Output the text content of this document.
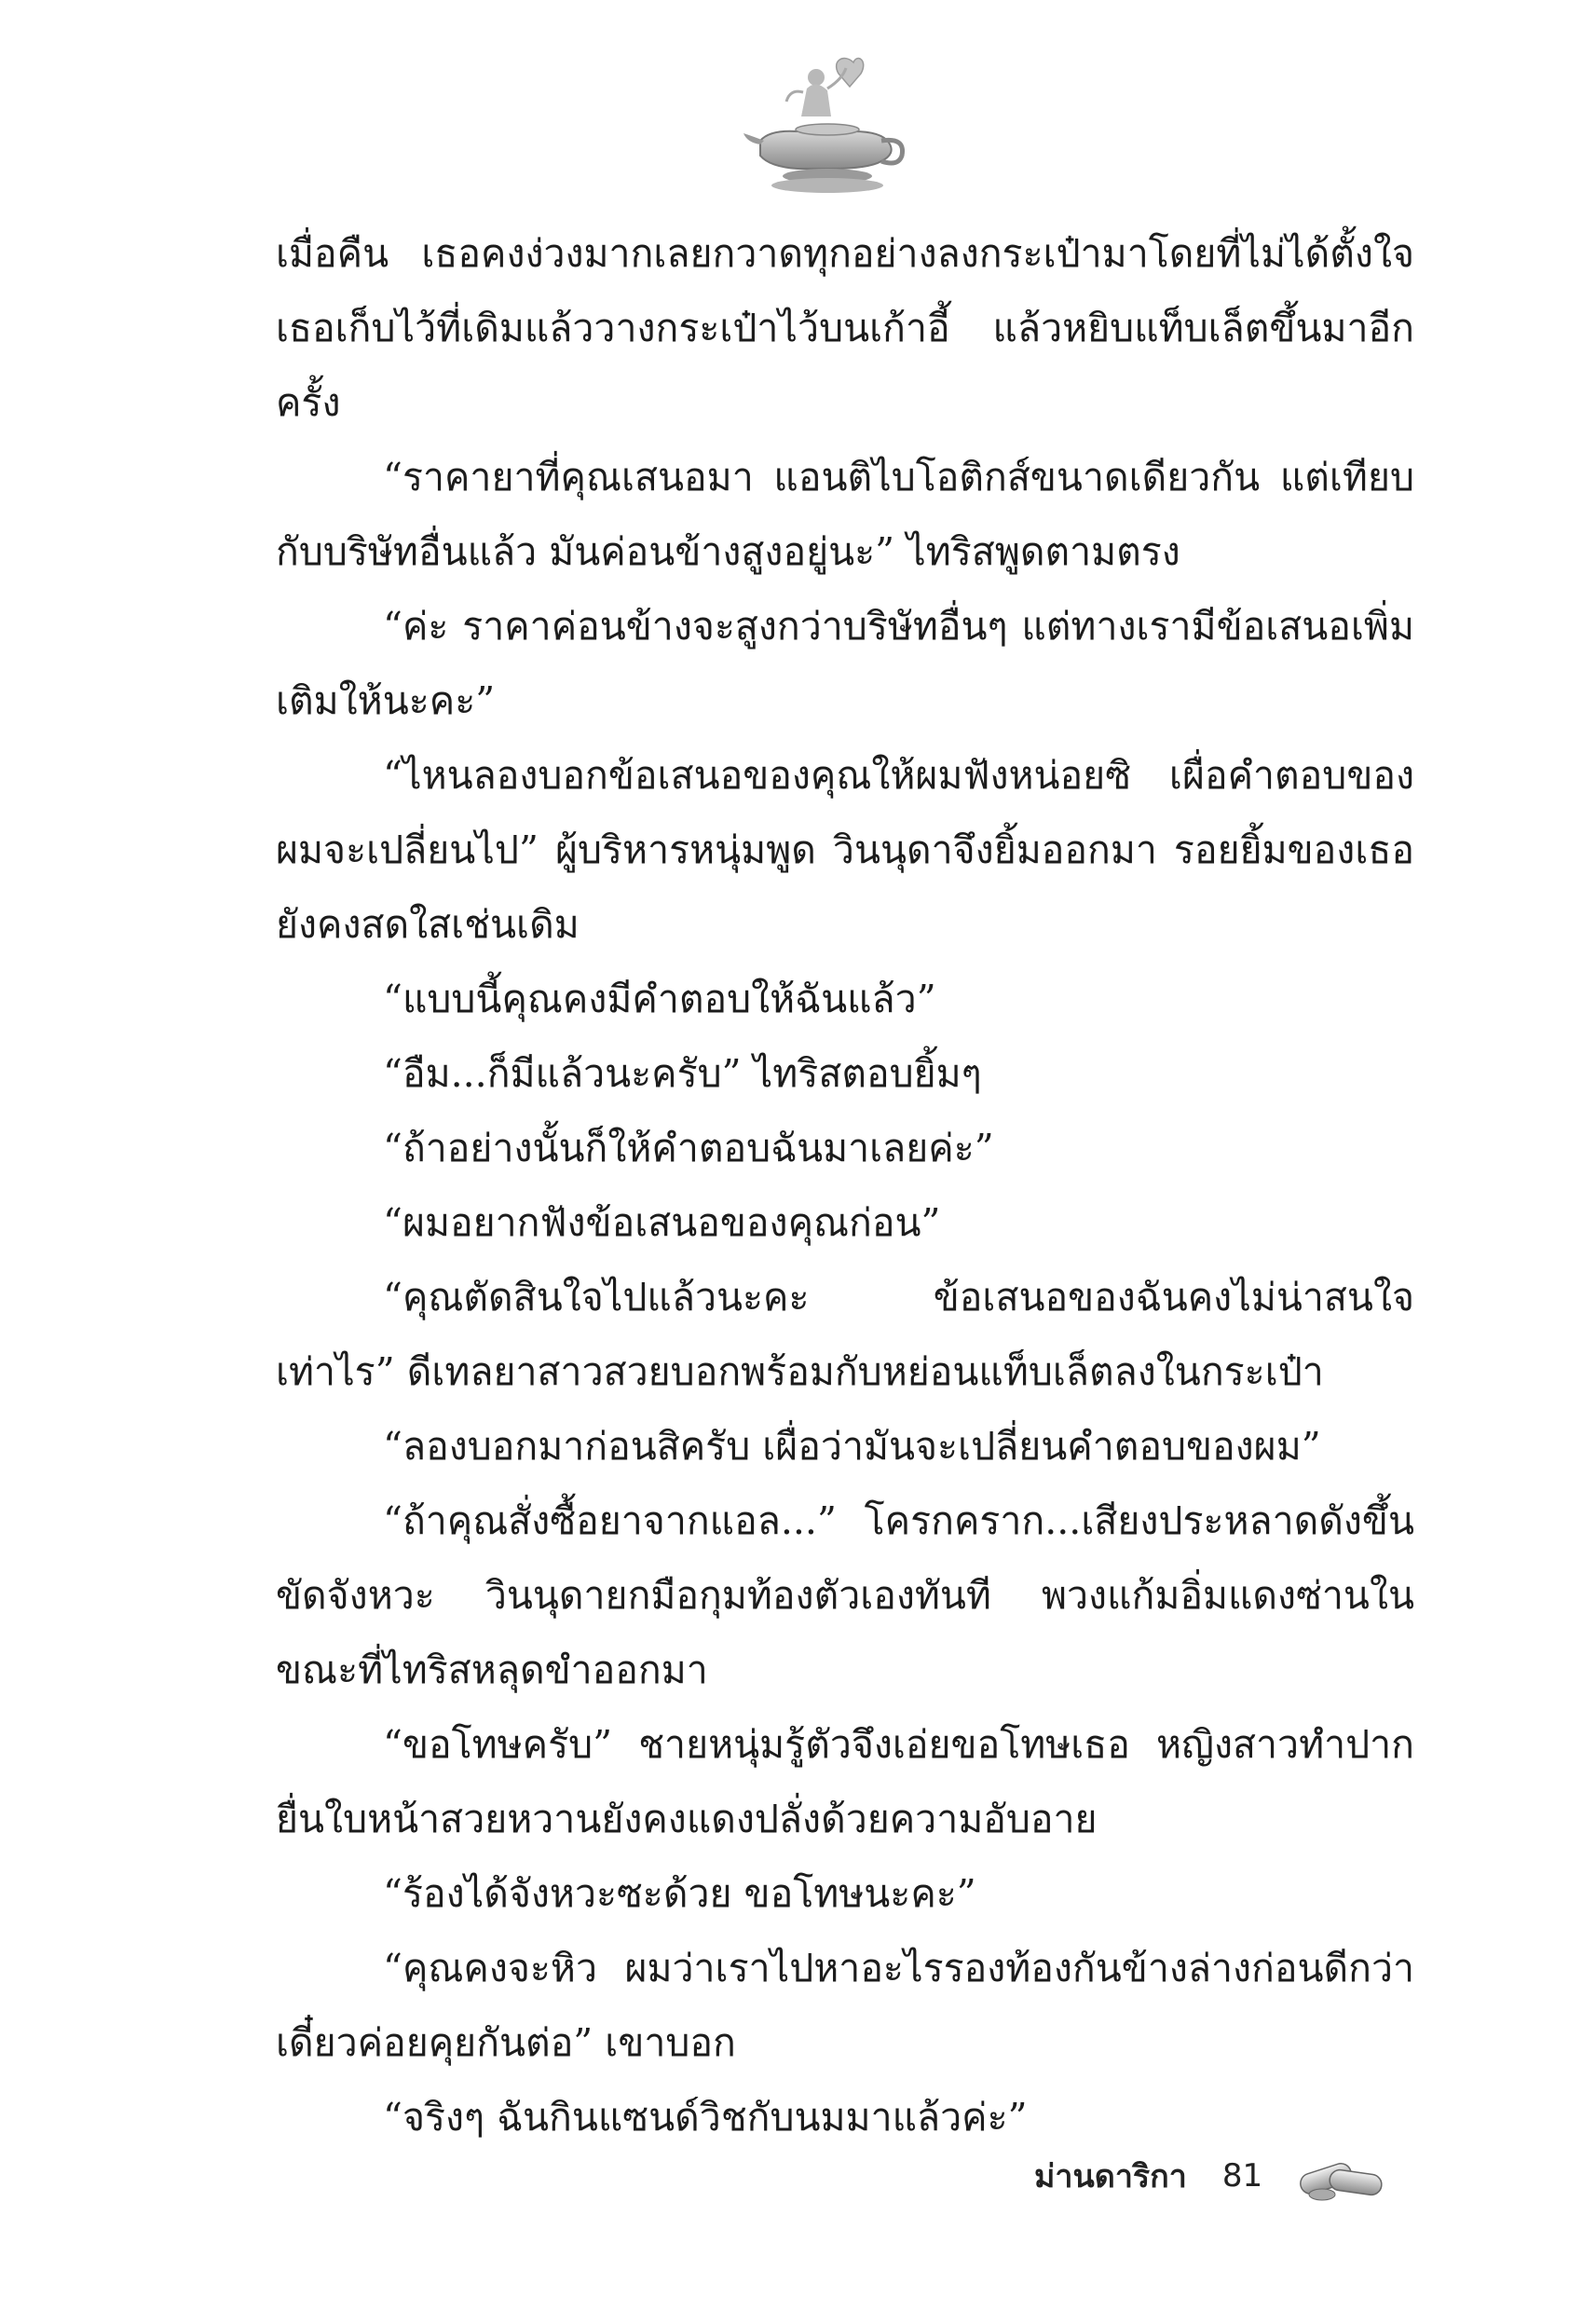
เมื่อคืน เธอคงง่วงมากเลยกวาดทุกอย่างลงกระเป๋ามาโดยที่ไม่ได้ตั้งใจ เธอเก็บไว้ที่เดิมแล้ววางกระเป๋าไว้บนเก้าอี้ แล้วหยิบแท็บเล็ตขึ้นมาอีกครั้ง

“ราคายาที่คุณเสนอมา แอนติไบโอติกส์ขนาดเดียวกัน แต่เทียบกับบริษัทอื่นแล้ว มันค่อนข้างสูงอยู่นะ” ไทริสพูดตามตรง

“ค่ะ ราคาค่อนข้างจะสูงกว่าบริษัทอื่นๆ แต่ทางเรามีข้อเสนอเพิ่มเติมให้นะคะ”

“ไหนลองบอกข้อเสนอของคุณให้ผมฟังหน่อยซิ เผื่อคำตอบของผมจะเปลี่ยนไป” ผู้บริหารหนุ่มพูด วินนุดาจึงยิ้มออกมา รอยยิ้มของเธอยังคงสดใสเช่นเดิม

“แบบนี้คุณคงมีคำตอบให้ฉันแล้ว”

“อืม...ก็มีแล้วนะครับ” ไทริสตอบยิ้มๆ

“ถ้าอย่างนั้นก็ให้คำตอบฉันมาเลยค่ะ”

“ผมอยากฟังข้อเสนอของคุณก่อน”

“คุณตัดสินใจไปแล้วนะคะ ข้อเสนอของฉันคงไม่น่าสนใจเท่าไร” ดีเทลยาสาวสวยบอกพร้อมกับหย่อนแท็บเล็ตลงในกระเป๋า

“ลองบอกมาก่อนสิครับ เผื่อว่ามันจะเปลี่ยนคำตอบของผม”

“ถ้าคุณสั่งซื้อยาจากแอล...” โครกคราก...เสียงประหลาดดังขึ้นขัดจังหวะ วินนุดายกมือกุมท้องตัวเองทันที พวงแก้มอิ่มแดงซ่านในขณะที่ไทริสหลุดขำออกมา

“ขอโทษครับ” ชายหนุ่มรู้ตัวจึงเอ่ยขอโทษเธอ หญิงสาวทำปากยื่นใบหน้าสวยหวานยังคงแดงปลั่งด้วยความอับอาย

“ร้องได้จังหวะซะด้วย ขอโทษนะคะ”

“คุณคงจะหิว ผมว่าเราไปหาอะไรรองท้องกันข้างล่างก่อนดีกว่าเดี๋ยวค่อยคุยกันต่อ” เขาบอก

“จริงๆ ฉันกินแซนด์วิชกับนมมาแล้วค่ะ”

ม่านดาริกา 81
